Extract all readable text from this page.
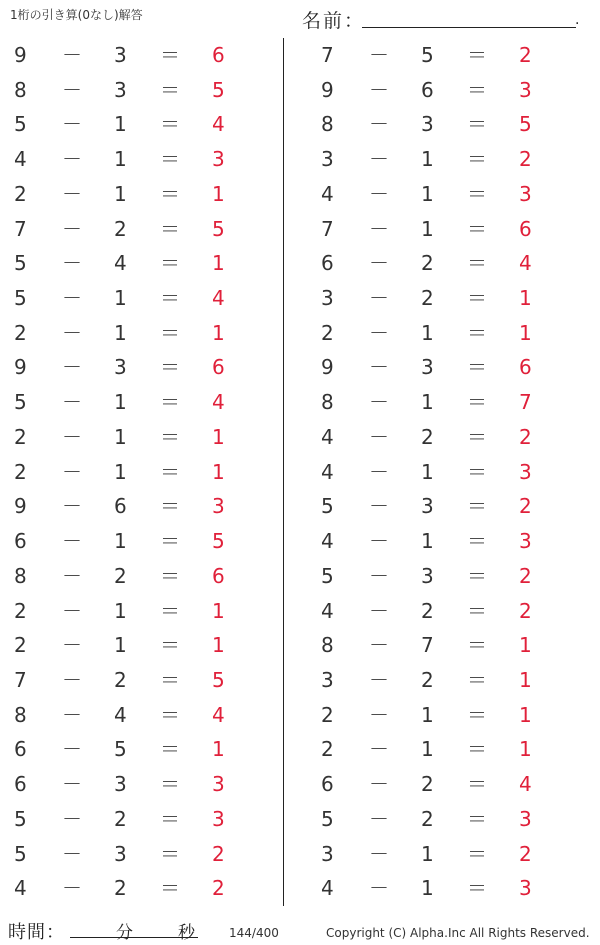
1桁の引き算(0なし)解答	名前：	.
9 － 3 ＝ 6
8 － 3 ＝ 5
5 － 1 ＝ 4
4 － 1 ＝ 3
2 － 1 ＝ 1
7 － 2 ＝ 5
5 － 4 ＝ 1
5 － 1 ＝ 4
2 － 1 ＝ 1
9 － 3 ＝ 6
5 － 1 ＝ 4
2 － 1 ＝ 1
2 － 1 ＝ 1
9 － 6 ＝ 3
6 － 1 ＝ 5
8 － 2 ＝ 6
2 － 1 ＝ 1
2 － 1 ＝ 1
7 － 2 ＝ 5
8 － 4 ＝ 4
6 － 5 ＝ 1
6 － 3 ＝ 3
5 － 2 ＝ 3
5 － 3 ＝ 2
4 － 2 ＝ 2
7 － 5 ＝ 2
9 － 6 ＝ 3
8 － 3 ＝ 5
3 － 1 ＝ 2
4 － 1 ＝ 3
7 － 1 ＝ 6
6 － 2 ＝ 4
3 － 2 ＝ 1
2 － 1 ＝ 1
9 － 3 ＝ 6
8 － 1 ＝ 7
4 － 2 ＝ 2
4 － 1 ＝ 3
5 － 3 ＝ 2
4 － 1 ＝ 3
5 － 3 ＝ 2
4 － 2 ＝ 2
8 － 7 ＝ 1
3 － 2 ＝ 1
2 － 1 ＝ 1
2 － 1 ＝ 1
6 － 2 ＝ 4
5 － 2 ＝ 3
3 － 1 ＝ 2
4 － 1 ＝ 3
時間：	分	秒	144/400	Copyright (C) Alpha.Inc All Rights Reserved.
